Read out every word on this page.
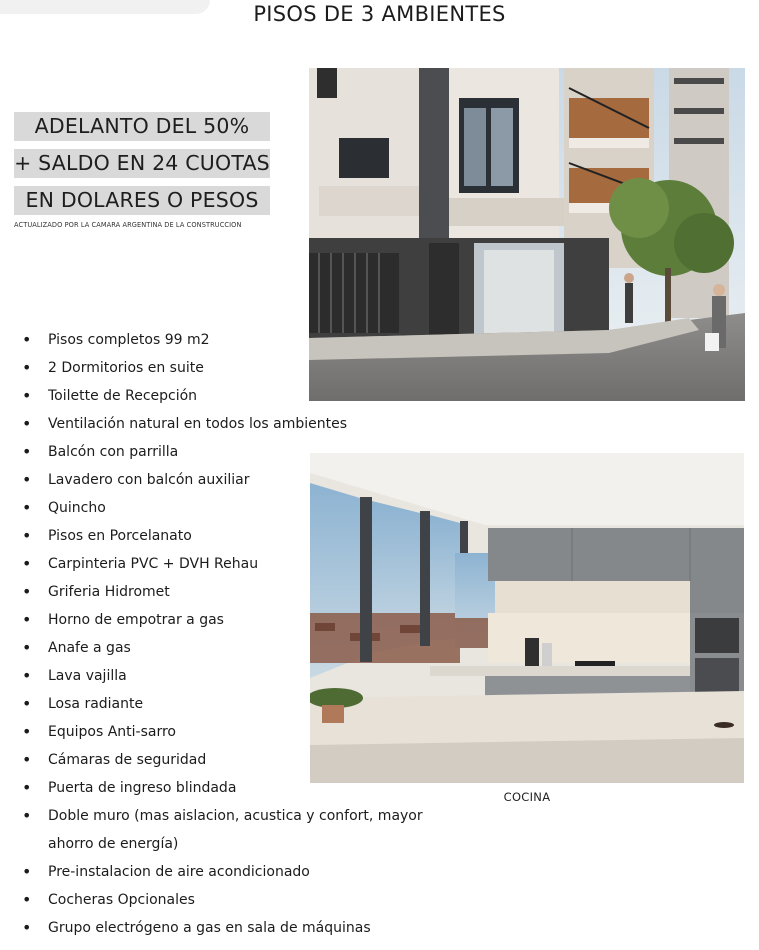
PISOS DE 3 AMBIENTES
ADELANTO DEL 50%
+ SALDO EN 24 CUOTAS
EN DOLARES O PESOS
ACTUALIZADO POR LA CAMARA ARGENTINA DE LA CONSTRUCCION
COCINA
• Pisos completos 99 m2
• 2 Dormitorios en suite
• Toilette de Recepción
• Ventilación natural en todos los ambientes
• Balcón con parrilla
• Lavadero con balcón auxiliar
• Quincho
• Pisos en Porcelanato
• Carpinteria PVC + DVH Rehau
• Griferia Hidromet
• Horno de empotrar a gas
• Anafe a gas
• Lava vajilla
• Losa radiante
• Equipos Anti-sarro
• Cámaras de seguridad
• Puerta de ingreso blindada
• Doble muro (mas aislacion, acustica y confort, mayor
ahorro de energía)
• Pre-instalacion de aire acondicionado
• Cocheras Opcionales
• Grupo electrógeno a gas en sala de máquinas
